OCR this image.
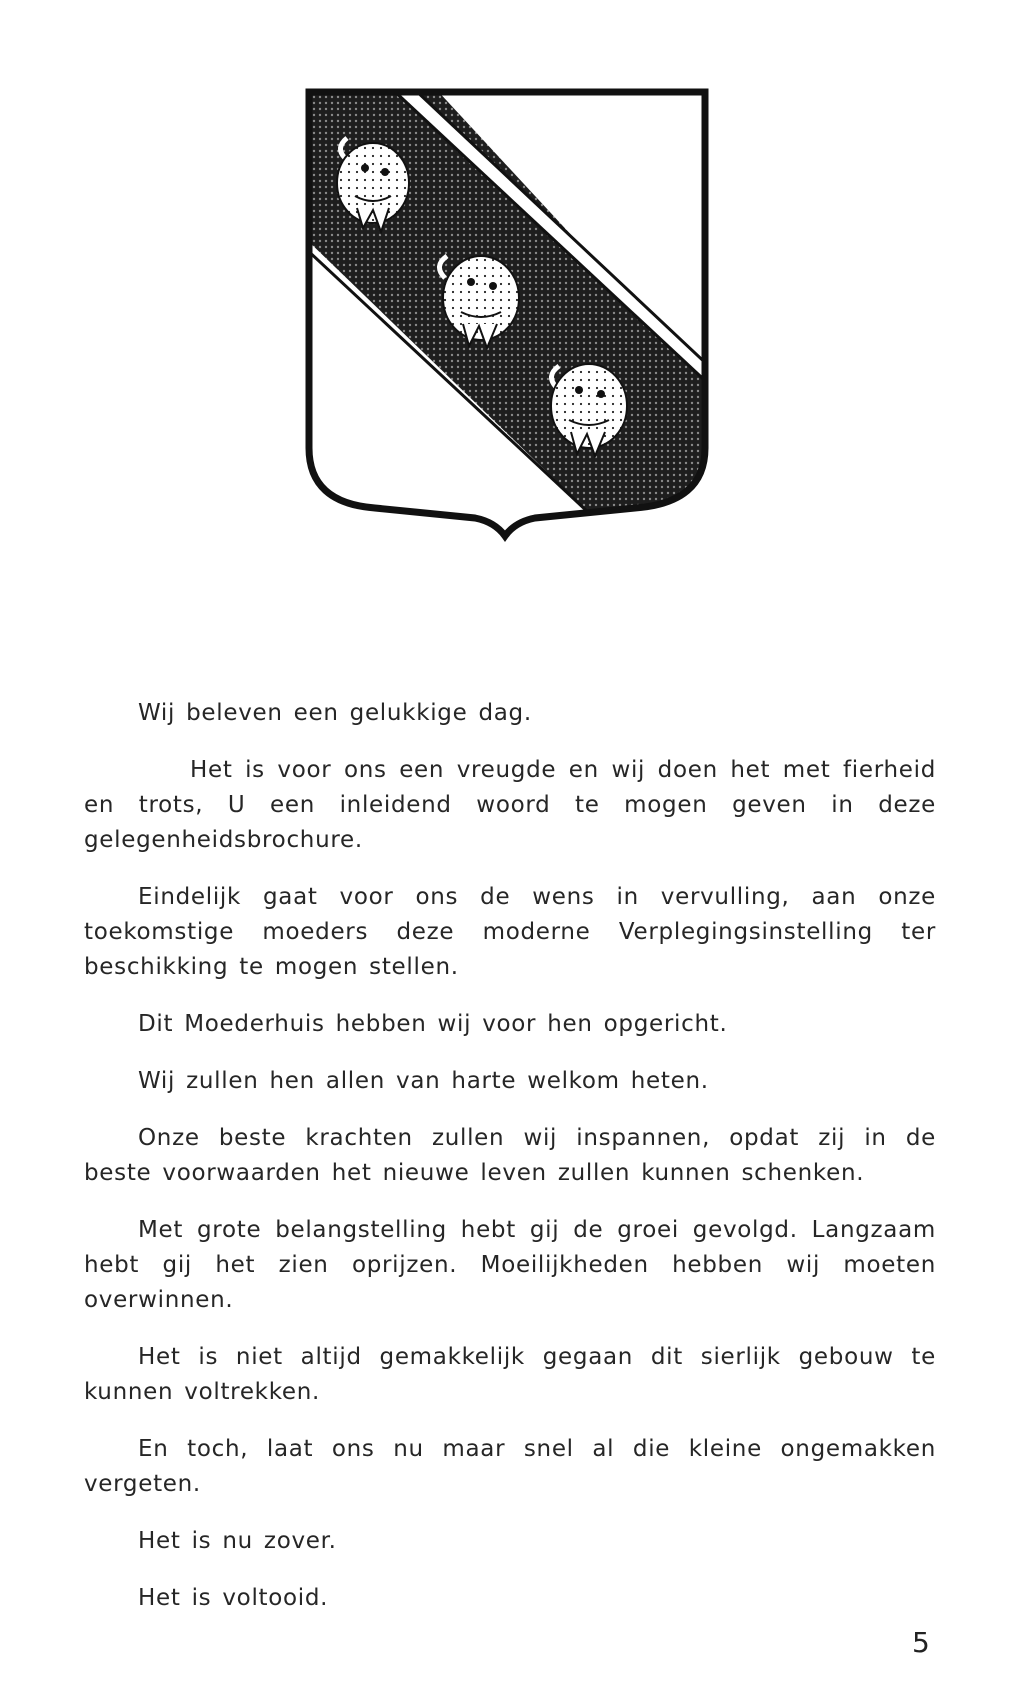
Wij beleven een gelukkige dag.

Het is voor ons een vreugde en wij doen het met fierheid en trots, U een inleidend woord te mogen geven in deze gelegenheidsbrochure.

Eindelijk gaat voor ons de wens in vervulling, aan onze toekomstige moeders deze moderne Verplegingsinstelling ter beschikking te mogen stellen.

Dit Moederhuis hebben wij voor hen opgericht.

Wij zullen hen allen van harte welkom heten.

Onze beste krachten zullen wij inspannen, opdat zij in de beste voorwaarden het nieuwe leven zullen kunnen schenken.

Met grote belangstelling hebt gij de groei gevolgd. Langzaam hebt gij het zien oprijzen. Moeilijkheden hebben wij moeten overwinnen.

Het is niet altijd gemakkelijk gegaan dit sierlijk gebouw te kunnen voltrekken.

En toch, laat ons nu maar snel al die kleine ongemakken vergeten.

Het is nu zover.

Het is voltooid.

5
